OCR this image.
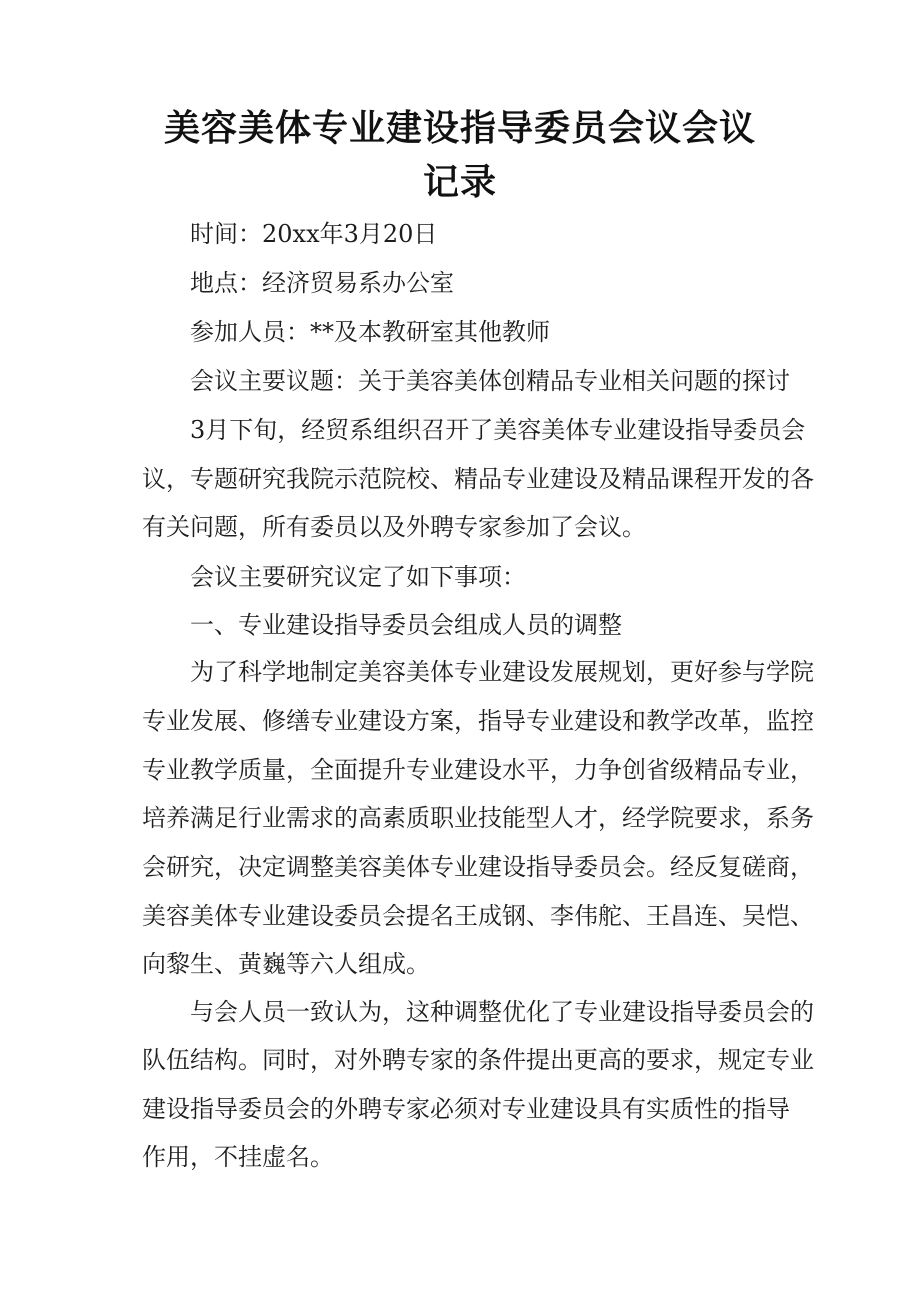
美容美体专业建设指导委员会议会议
记录

时间：20xx年3月20日

地点：经济贸易系办公室

参加人员：**及本教研室其他教师

会议主要议题：关于美容美体创精品专业相关问题的探讨

3月下旬，经贸系组织召开了美容美体专业建设指导委员会

议，专题研究我院示范院校、精品专业建设及精品课程开发的各

有关问题，所有委员以及外聘专家参加了会议。

会议主要研究议定了如下事项：

一、专业建设指导委员会组成人员的调整

为了科学地制定美容美体专业建设发展规划，更好参与学院

专业发展、修缮专业建设方案，指导专业建设和教学改革，监控

专业教学质量，全面提升专业建设水平，力争创省级精品专业，

培养满足行业需求的高素质职业技能型人才，经学院要求，系务

会研究，决定调整美容美体专业建设指导委员会。经反复磋商，

美容美体专业建设委员会提名王成钢、李伟舵、王昌连、吴恺、

向黎生、黄巍等六人组成。

与会人员一致认为，这种调整优化了专业建设指导委员会的

队伍结构。同时，对外聘专家的条件提出更高的要求，规定专业

建设指导委员会的外聘专家必须对专业建设具有实质性的指导

作用，不挂虚名。
